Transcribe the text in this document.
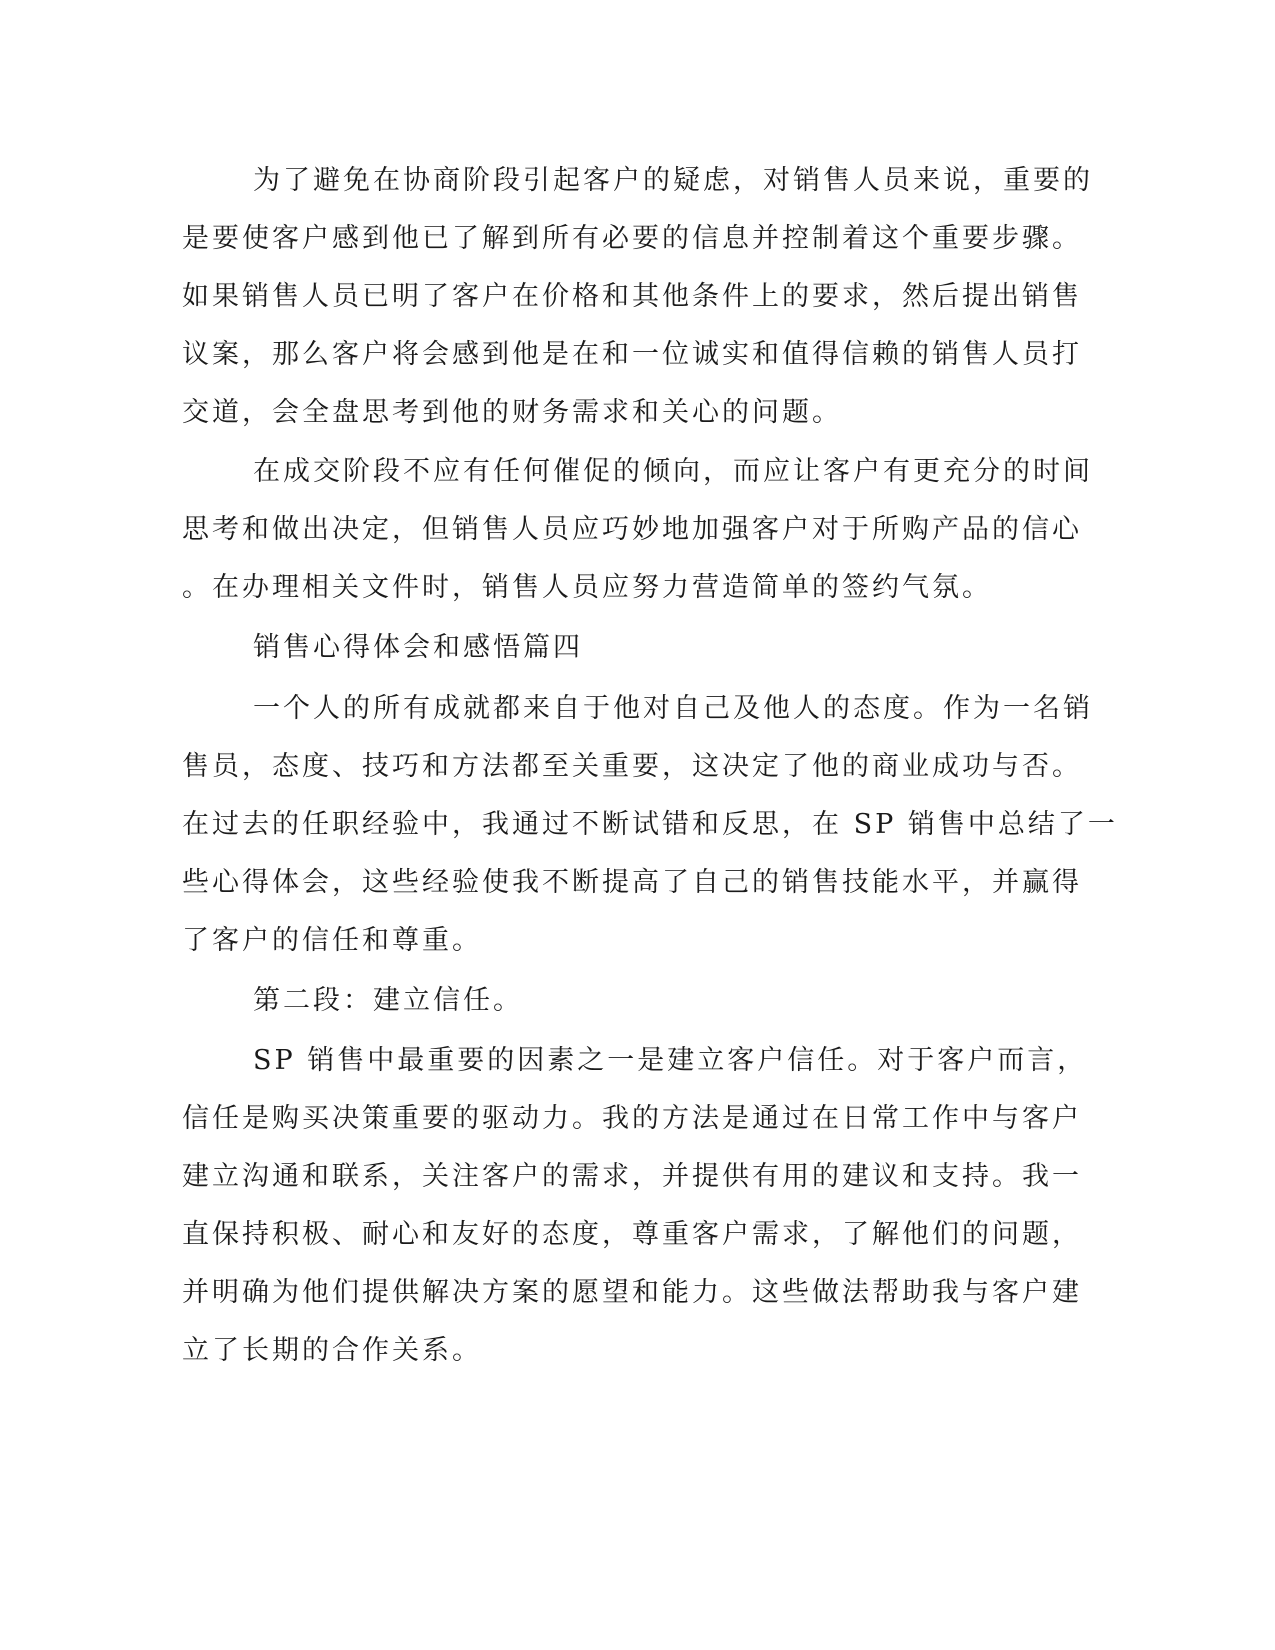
为了避免在协商阶段引起客户的疑虑，对销售人员来说，重要的
是要使客户感到他已了解到所有必要的信息并控制着这个重要步骤。
如果销售人员已明了客户在价格和其他条件上的要求，然后提出销售
议案，那么客户将会感到他是在和一位诚实和值得信赖的销售人员打
交道，会全盘思考到他的财务需求和关心的问题。
在成交阶段不应有任何催促的倾向，而应让客户有更充分的时间
思考和做出决定，但销售人员应巧妙地加强客户对于所购产品的信心
。在办理相关文件时，销售人员应努力营造简单的签约气氛。
销售心得体会和感悟篇四
一个人的所有成就都来自于他对自己及他人的态度。作为一名销
售员，态度、技巧和方法都至关重要，这决定了他的商业成功与否。
在过去的任职经验中，我通过不断试错和反思，在 SP 销售中总结了一
些心得体会，这些经验使我不断提高了自己的销售技能水平，并赢得
了客户的信任和尊重。
第二段：建立信任。
SP 销售中最重要的因素之一是建立客户信任。对于客户而言，
信任是购买决策重要的驱动力。我的方法是通过在日常工作中与客户
建立沟通和联系，关注客户的需求，并提供有用的建议和支持。我一
直保持积极、耐心和友好的态度，尊重客户需求，了解他们的问题，
并明确为他们提供解决方案的愿望和能力。这些做法帮助我与客户建
立了长期的合作关系。
